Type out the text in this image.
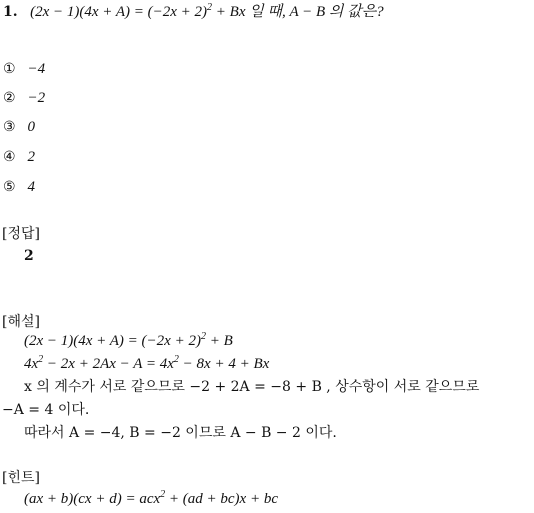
1. $(2x - 1)(4x + A) = (-2x + 2)^2 + Bx$ 일 때, A − B 의 값은?
① −4
② −2
③ 0
④ 2
⑤ 4
[정답]
2
[해설]
$(2x - 1)(4x + A) = (-2x + 2)^2 + B$
$4x^2 - 2x + 2Ax - A = 4x^2 - 8x + 4 + Bx$
x 의 계수가 서로 같으므로 −2 + 2A = −8 + B , 상수항이 서로 같으므로
−A = 4 이다.
따라서 A = −4, B = −2 이므로 A − B − 2 이다.
[힌트]
(ax + b)(cx + d) = acx$^2$ + (ad + bc)x + bc
